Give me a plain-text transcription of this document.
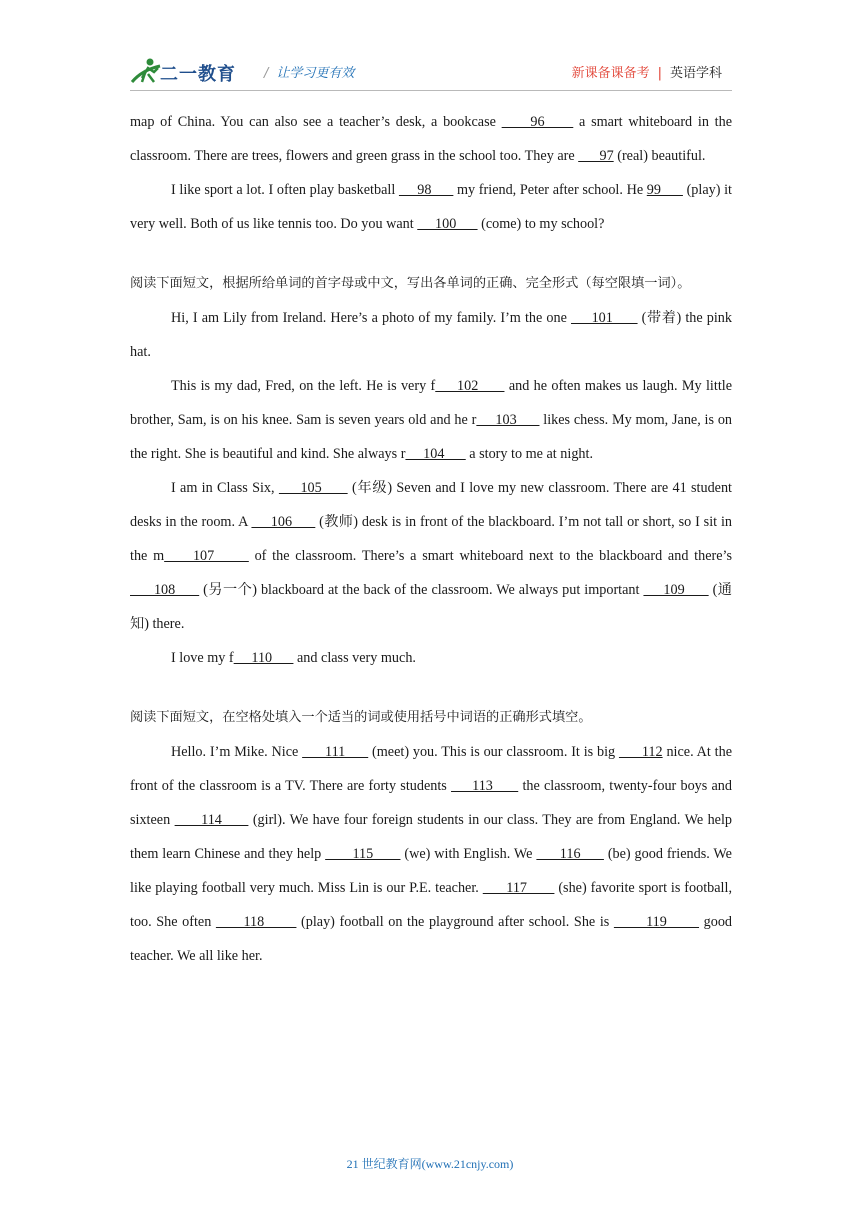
二一教育 / 让学习更有效	新课备课备考 | 英语学科

map of China. You can also see a teacher’s desk, a bookcase      96      a smart whiteboard in the classroom. There are trees, flowers and green grass in the school too. They are       97 (real) beautiful.

I like sport a lot. I often play basketball      98       my friend, Peter after school. He 99       (play) it very well. Both of us like tennis too. Do you want      100       (come) to my school?

阅读下面短文，根据所给单词的首字母或中文，写出各单词的正确、完全形式（每空限填一词）。

Hi, I am Lily from Ireland. Here’s a photo of my family. I’m the one      101       (带着) the pink hat.

This is my dad, Fred, on the left. He is very f     102       and he often makes us laugh. My little brother, Sam, is on his knee. Sam is seven years old and he r     103       likes chess. My mom, Jane, is on the right. She is beautiful and kind. She always r     104       a story to me at night.

I am in Class Six,      105       (年级) Seven and I love my new classroom. There are 41 student desks in the room. A      106       (教师) desk is in front of the blackboard. I’m not tall or short, so I sit in the m     107       of the classroom. There’s a smart whiteboard next to the blackboard and there’s       108       (另一个) blackboard at the back of the classroom. We always put important      109       (通知) there.

I love my f     110       and class very much.

阅读下面短文，在空格处填入一个适当的词或使用括号中词语的正确形式填空。

Hello. I’m Mike. Nice       111       (meet) you. This is our classroom. It is big       112 nice. At the front of the classroom is a TV. There are forty students      113       the classroom, twenty-four boys and sixteen       114       (girl). We have four foreign students in our class. They are from England. We help them learn Chinese and they help        115        (we) with English. We       116       (be) good friends. We like playing football very much. Miss Lin is our P.E. teacher.       117        (she) favorite sport is football, too. She often       118        (play) football on the playground after school. She is        119        good teacher. We all like her.

21 世纪教育网(www.21cnjy.com)
